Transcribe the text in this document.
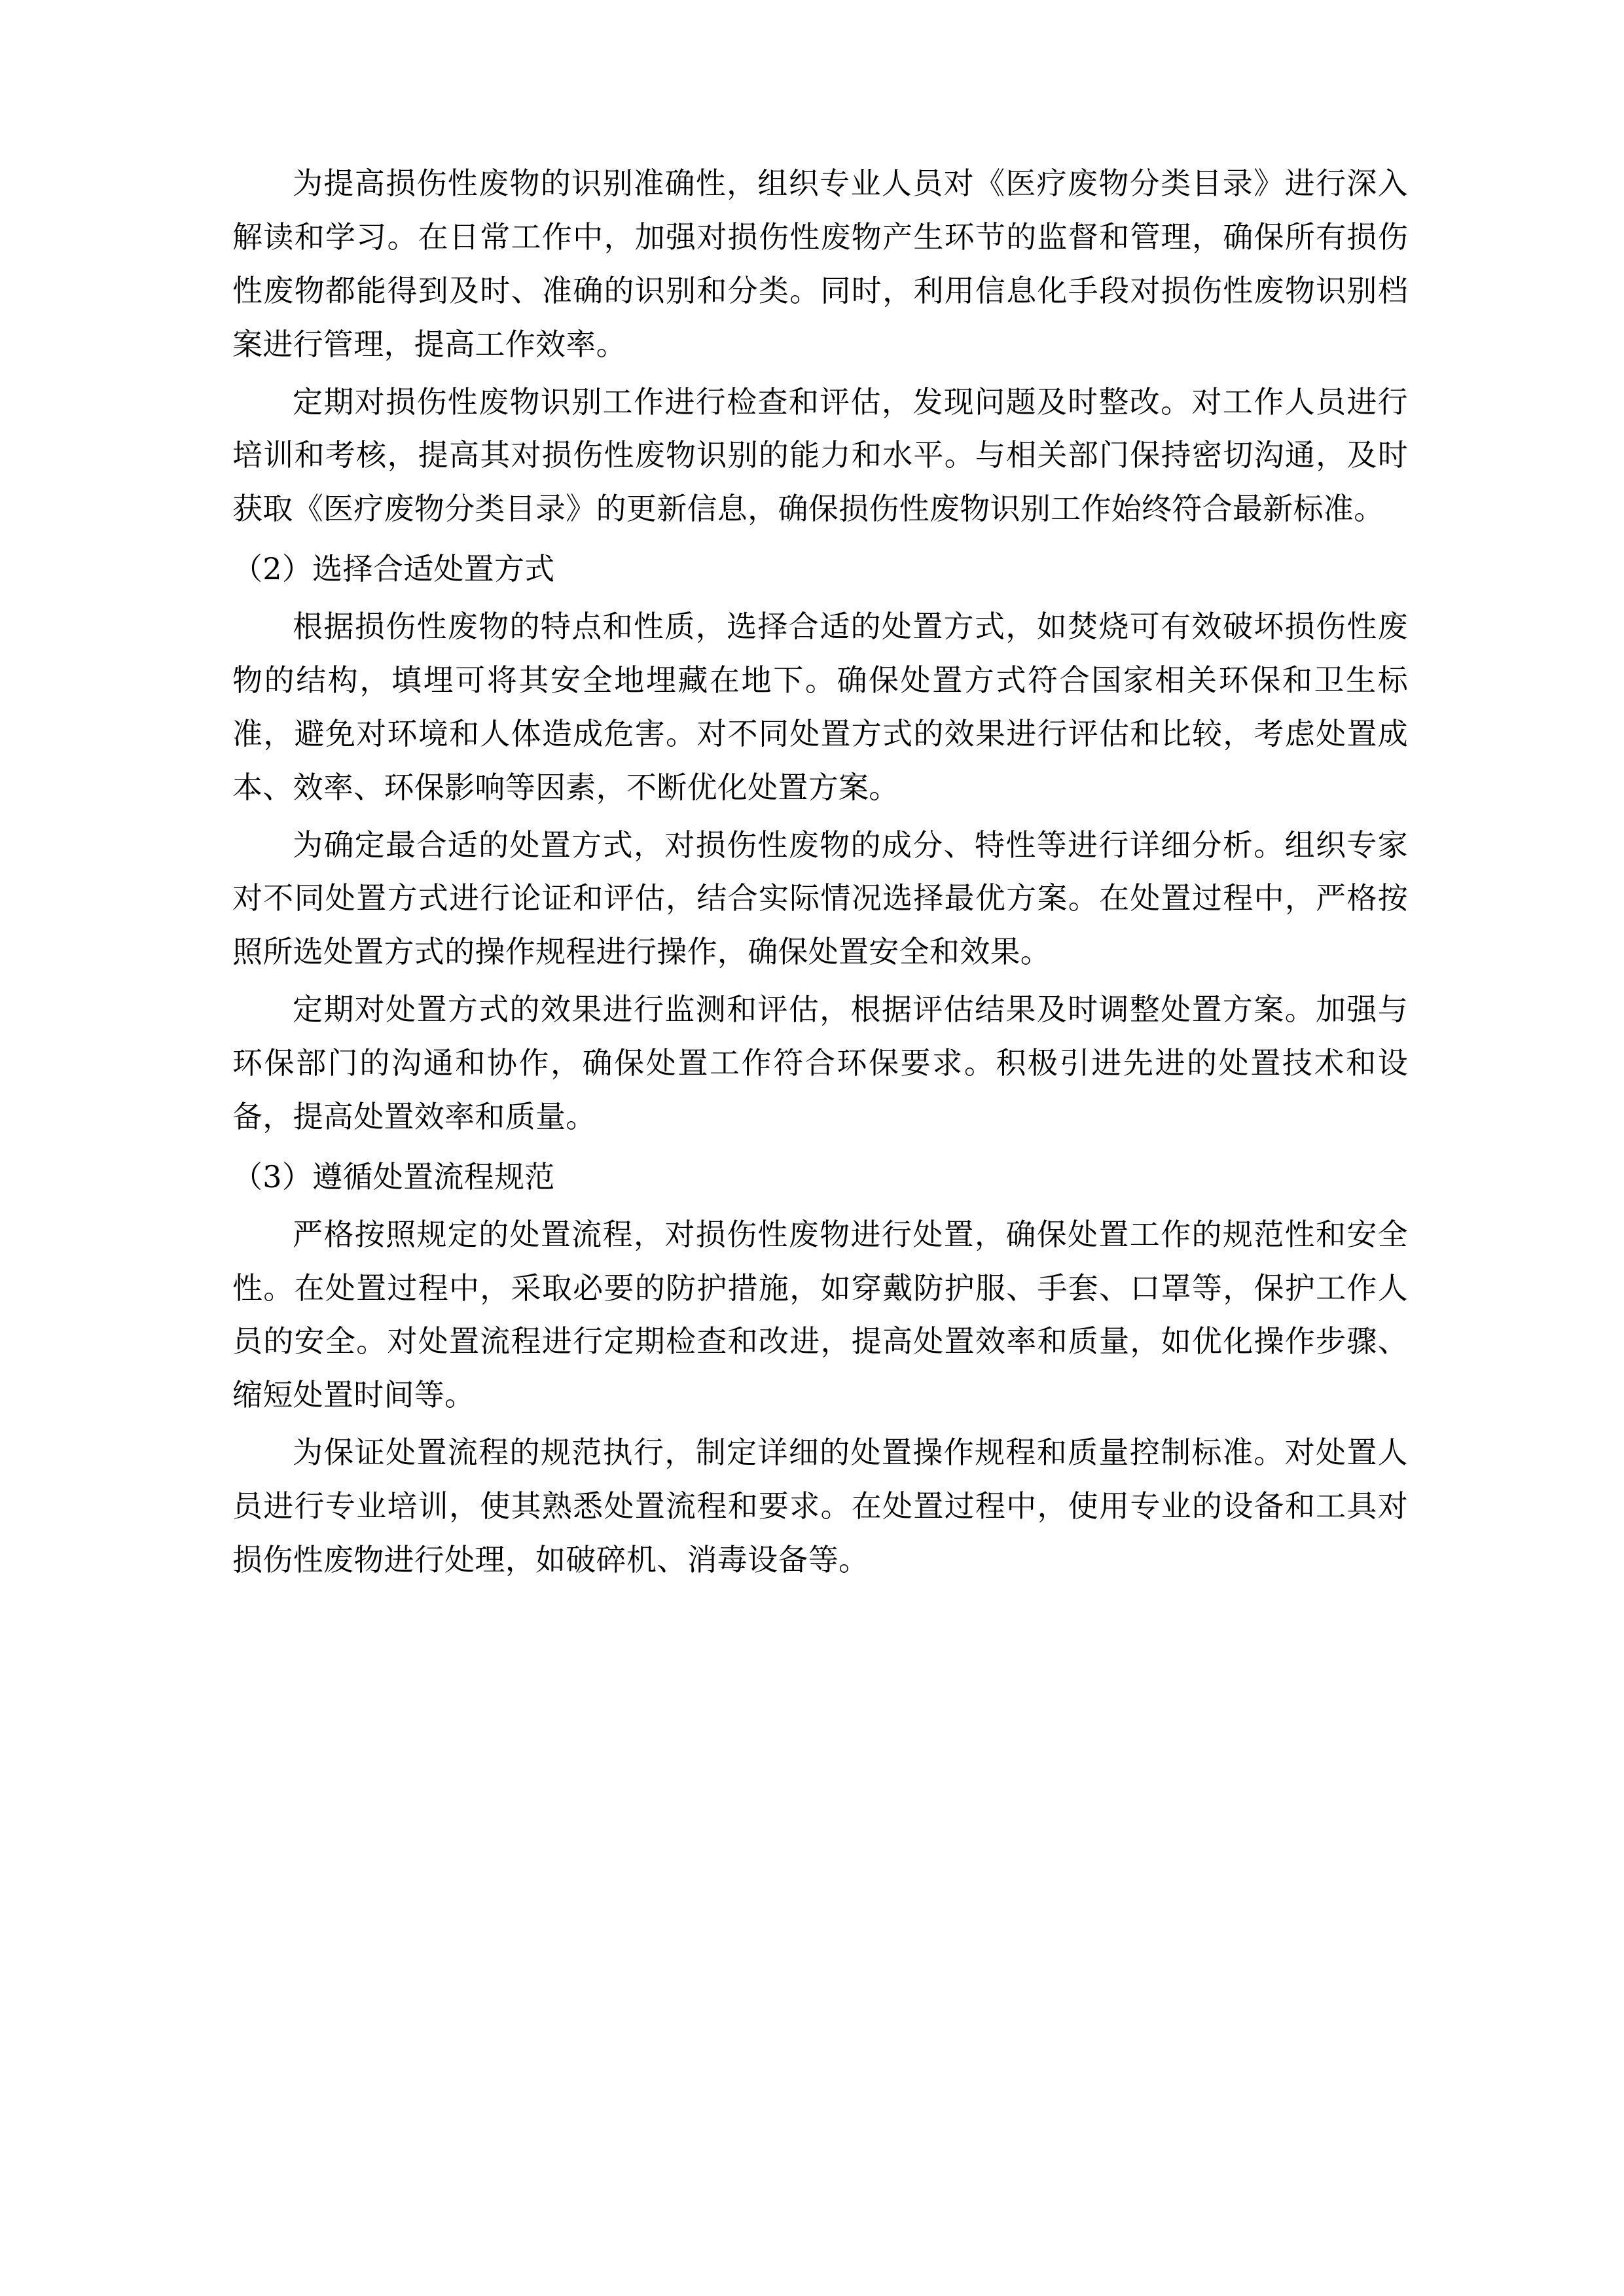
为提高损伤性废物的识别准确性，组织专业人员对《医疗废物分类目录》进行深入解读和学习。在日常工作中，加强对损伤性废物产生环节的监督和管理，确保所有损伤性废物都能得到及时、准确的识别和分类。同时，利用信息化手段对损伤性废物识别档案进行管理，提高工作效率。

定期对损伤性废物识别工作进行检查和评估，发现问题及时整改。对工作人员进行培训和考核，提高其对损伤性废物识别的能力和水平。与相关部门保持密切沟通，及时获取《医疗废物分类目录》的更新信息，确保损伤性废物识别工作始终符合最新标准。

（2）选择合适处置方式

根据损伤性废物的特点和性质，选择合适的处置方式，如焚烧可有效破坏损伤性废物的结构，填埋可将其安全地埋藏在地下。确保处置方式符合国家相关环保和卫生标准，避免对环境和人体造成危害。对不同处置方式的效果进行评估和比较，考虑处置成本、效率、环保影响等因素，不断优化处置方案。

为确定最合适的处置方式，对损伤性废物的成分、特性等进行详细分析。组织专家对不同处置方式进行论证和评估，结合实际情况选择最优方案。在处置过程中，严格按照所选处置方式的操作规程进行操作，确保处置安全和效果。

定期对处置方式的效果进行监测和评估，根据评估结果及时调整处置方案。加强与环保部门的沟通和协作，确保处置工作符合环保要求。积极引进先进的处置技术和设备，提高处置效率和质量。

（3）遵循处置流程规范

严格按照规定的处置流程，对损伤性废物进行处置，确保处置工作的规范性和安全性。在处置过程中，采取必要的防护措施，如穿戴防护服、手套、口罩等，保护工作人员的安全。对处置流程进行定期检查和改进，提高处置效率和质量，如优化操作步骤、缩短处置时间等。

为保证处置流程的规范执行，制定详细的处置操作规程和质量控制标准。对处置人员进行专业培训，使其熟悉处置流程和要求。在处置过程中，使用专业的设备和工具对损伤性废物进行处理，如破碎机、消毒设备等。
